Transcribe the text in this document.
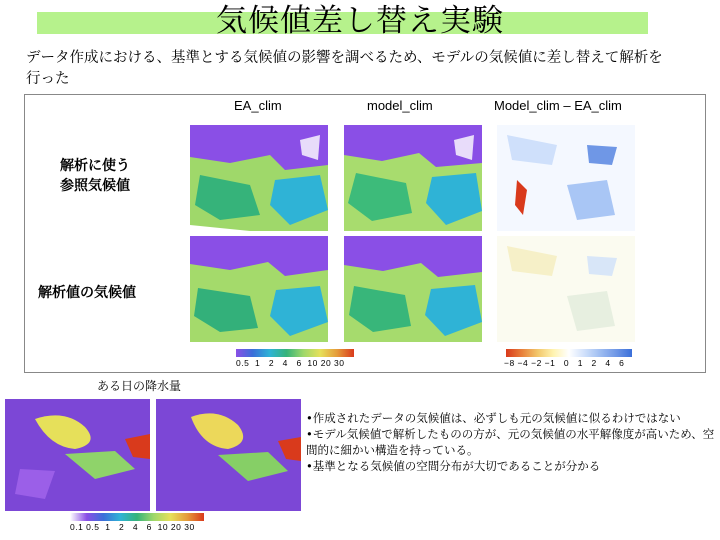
気候値差し替え実験
データ作成における、基準とする気候値の影響を調べるため、モデルの気候値に差し替えて解析を行った
EA_clim	model_clim	Model_clim – EA_clim
解析に使う
参照気候値
解析値の気候値
0.5  1   2   4   6  10 20 30	−8 −4 −2 −1   0   1   2   4   6
ある日の降水量
0.1 0.5  1   2   4   6  10 20 30
•作成されたデータの気候値は、必ずしも元の気候値に似るわけではない
•モデル気候値で解析したものの方が、元の気候値の水平解像度が高いため、空間的に細かい構造を持っている。
•基準となる気候値の空間分布が大切であることが分かる
